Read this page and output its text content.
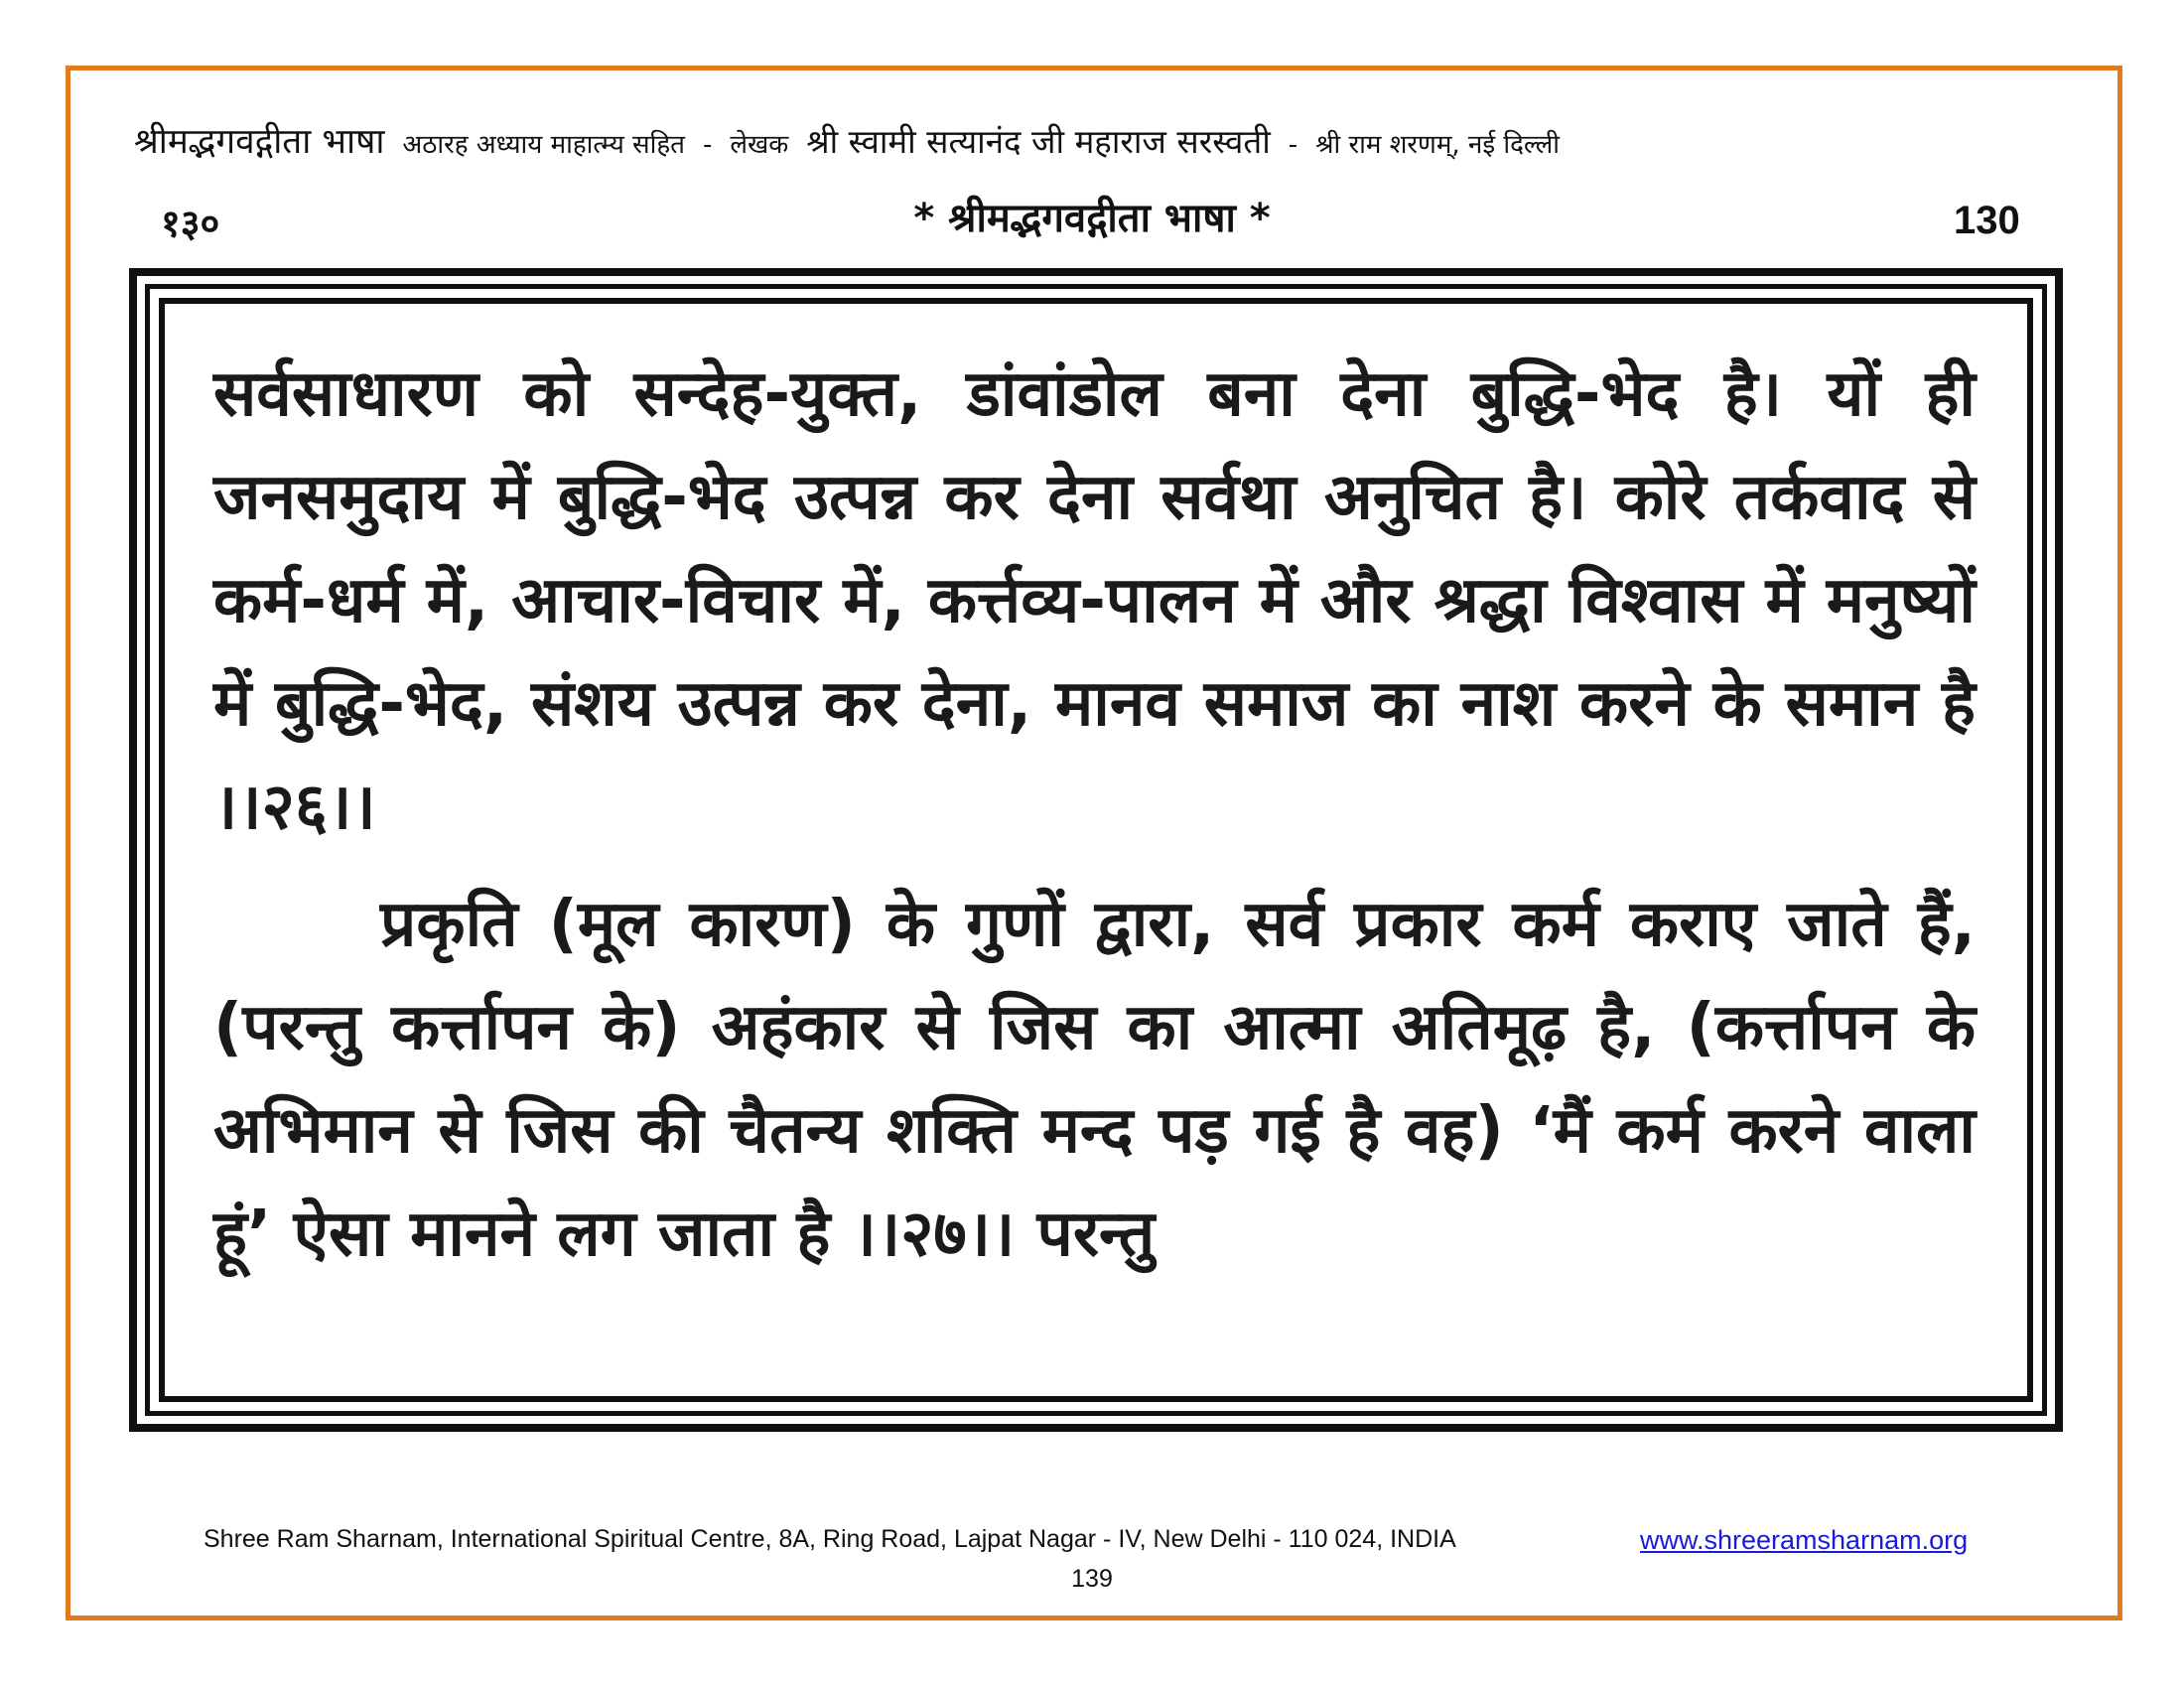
श्रीमद्भगवद्गीता भाषा अठारह अध्याय माहात्म्य सहित - लेखक श्री स्वामी सत्यानंद जी महाराज सरस्वती - श्री राम शरणम्, नई दिल्ली
१३०	* श्रीमद्भगवद्गीता भाषा *	130

सर्वसाधारण को सन्देह-युक्त, डांवांडोल बना देना बुद्धि-भेद है। यों ही जनसमुदाय में बुद्धि-भेद उत्पन्न कर देना सर्वथा अनुचित है। कोरे तर्कवाद से कर्म-धर्म में, आचार-विचार में, कर्त्तव्य-पालन में और श्रद्धा विश्वास में मनुष्यों में बुद्धि-भेद, संशय उत्पन्न कर देना, मानव समाज का नाश करने के समान है ।।२६।।

प्रकृति (मूल कारण) के गुणों द्वारा, सर्व प्रकार कर्म कराए जाते हैं, (परन्तु कर्त्तापन के) अहंकार से जिस का आत्मा अतिमूढ़ है, (कर्त्तापन के अभिमान से जिस की चैतन्य शक्ति मन्द पड़ गई है वह) ‘मैं कर्म करने वाला हूं’ ऐसा मानने लग जाता है ।।२७।। परन्तु

Shree Ram Sharnam, International Spiritual Centre, 8A, Ring Road, Lajpat Nagar - IV, New Delhi - 110 024, INDIA	www.shreeramsharnam.org
139
